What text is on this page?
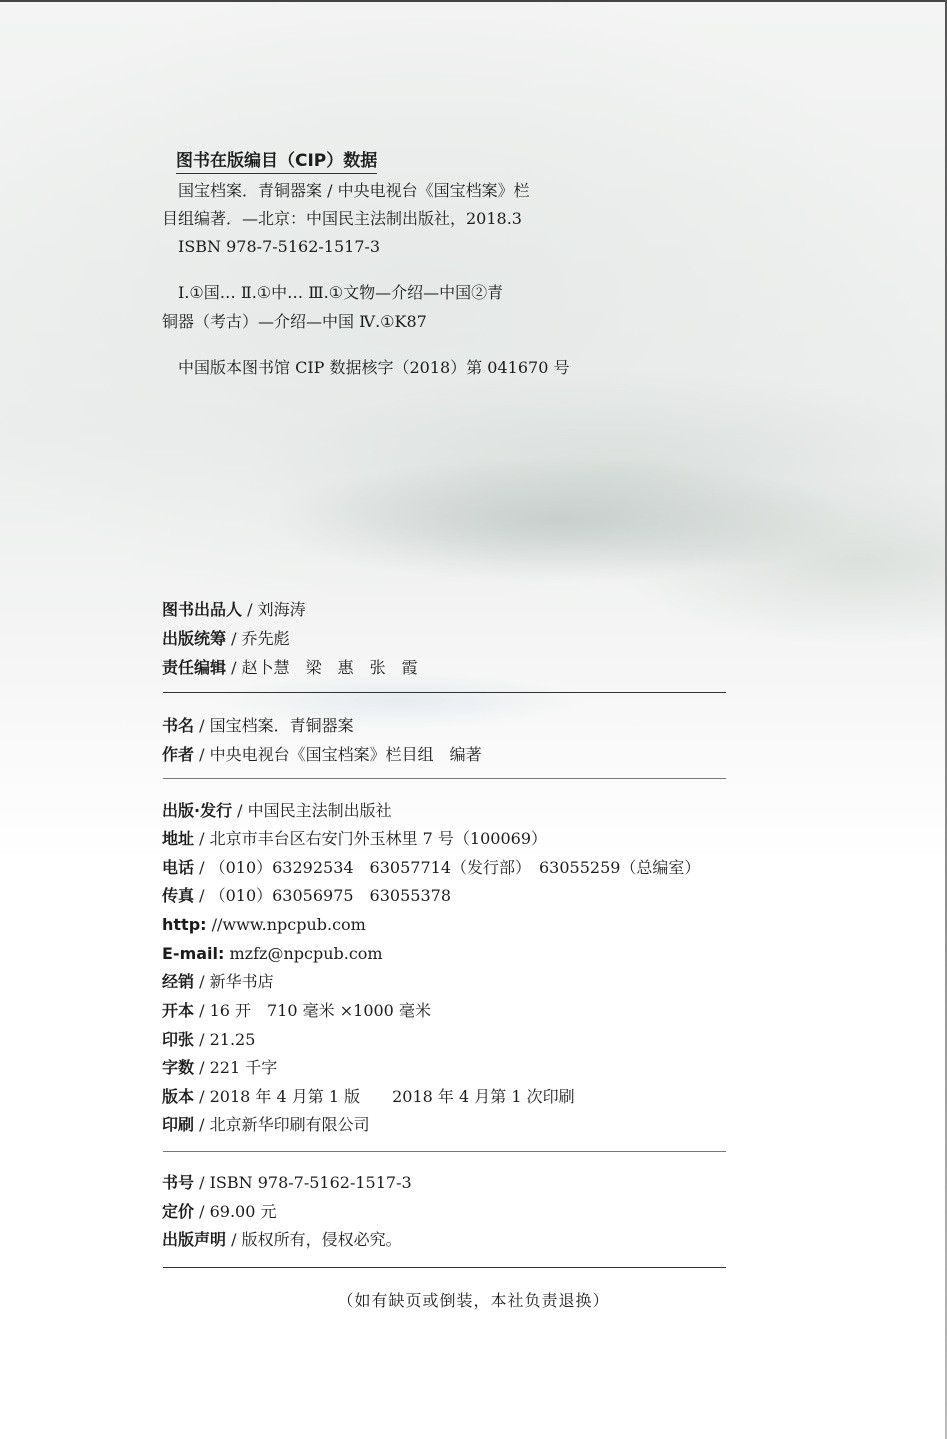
图书在版编目（CIP）数据
国宝档案．青铜器案 / 中央电视台《国宝档案》栏
目组编著．—北京：中国民主法制出版社，2018.3
ISBN 978-7-5162-1517-3
Ⅰ.①国… Ⅱ.①中… Ⅲ.①文物—介绍—中国②青
铜器（考古）—介绍—中国 Ⅳ.①K87
中国版本图书馆 CIP 数据核字（2018）第 041670 号
图书出品人 / 刘海涛
出版统筹 / 乔先彪
责任编辑 / 赵卜慧　梁　惠　张　霞
书名 / 国宝档案．青铜器案
作者 / 中央电视台《国宝档案》栏目组　编著
出版·发行 / 中国民主法制出版社
地址 / 北京市丰台区右安门外玉林里 7 号（100069）
电话 / （010）63292534　63057714（发行部）　63055259（总编室）
传真 / （010）63056975　63055378
http: //www.npcpub.com
E-mail: mzfz@npcpub.com
经销 / 新华书店
开本 / 16 开　710 毫米 ×1000 毫米
印张 / 21.25
字数 / 221 千字
版本 / 2018 年 4 月第 1 版　　2018 年 4 月第 1 次印刷
印刷 / 北京新华印刷有限公司
书号 / ISBN 978-7-5162-1517-3
定价 / 69.00 元
出版声明 / 版权所有，侵权必究。
（如有缺页或倒装，本社负责退换）
